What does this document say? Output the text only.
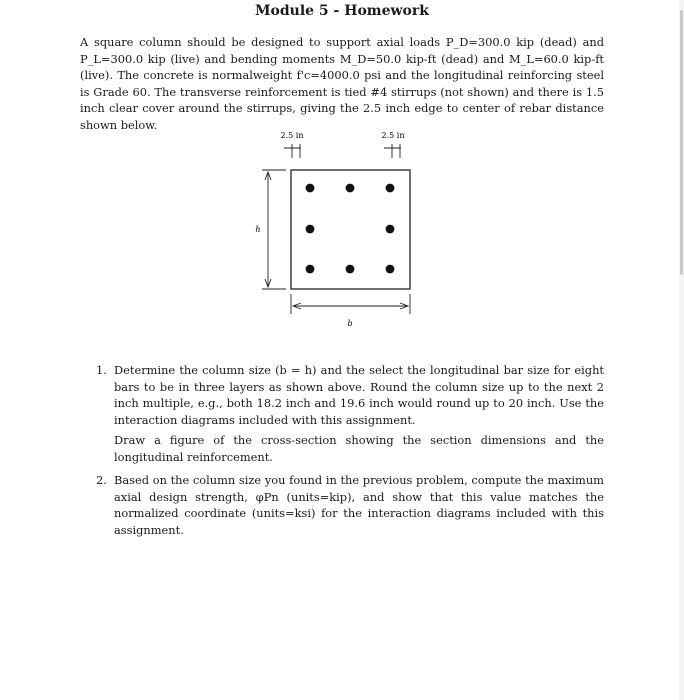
Module 5 - Homework
A square column should be designed to support axial loads P_D=300.0 kip (dead) and P_L=300.0 kip (live) and bending moments M_D=50.0 kip-ft (dead) and M_L=60.0 kip-ft (live). The concrete is normalweight f'c=4000.0 psi and the longitudinal reinforcing steel is Grade 60. The transverse reinforcement is tied #4 stirrups (not shown) and there is 1.5 inch clear cover around the stirrups, giving the 2.5 inch edge to center of rebar distance shown below.
2.5 in	2.5 in
h
b
1. Determine the column size (b = h) and the select the longitudinal bar size for eight bars to be in three layers as shown above. Round the column size up to the next 2 inch multiple, e.g., both 18.2 inch and 19.6 inch would round up to 20 inch. Use the interaction diagrams included with this assignment.
Draw a figure of the cross-section showing the section dimensions and the longitudinal reinforcement.
2. Based on the column size you found in the previous problem, compute the maximum axial design strength, φPn (units=kip), and show that this value matches the normalized coordinate (units=ksi) for the interaction diagrams included with this assignment.
